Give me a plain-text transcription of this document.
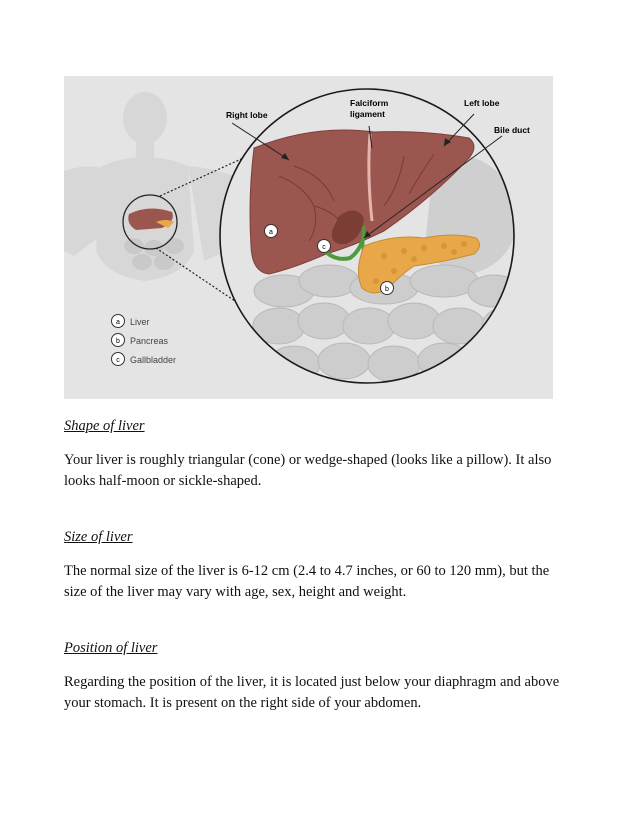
Right lobe
Falciform
ligament
Left lobe
Bile duct
a
c
b
a Liver
b Pancreas
c Gallbladder
Shape of liver

Your liver is roughly triangular (cone) or wedge-shaped (looks like a pillow). It also
looks half-moon or sickle-shaped.

Size of liver

The normal size of the liver is 6-12 cm (2.4 to 4.7 inches, or 60 to 120 mm), but the
size of the liver may vary with age, sex, height and weight.

Position of liver

Regarding the position of the liver, it is located just below your diaphragm and above
your stomach. It is present on the right side of your abdomen.
